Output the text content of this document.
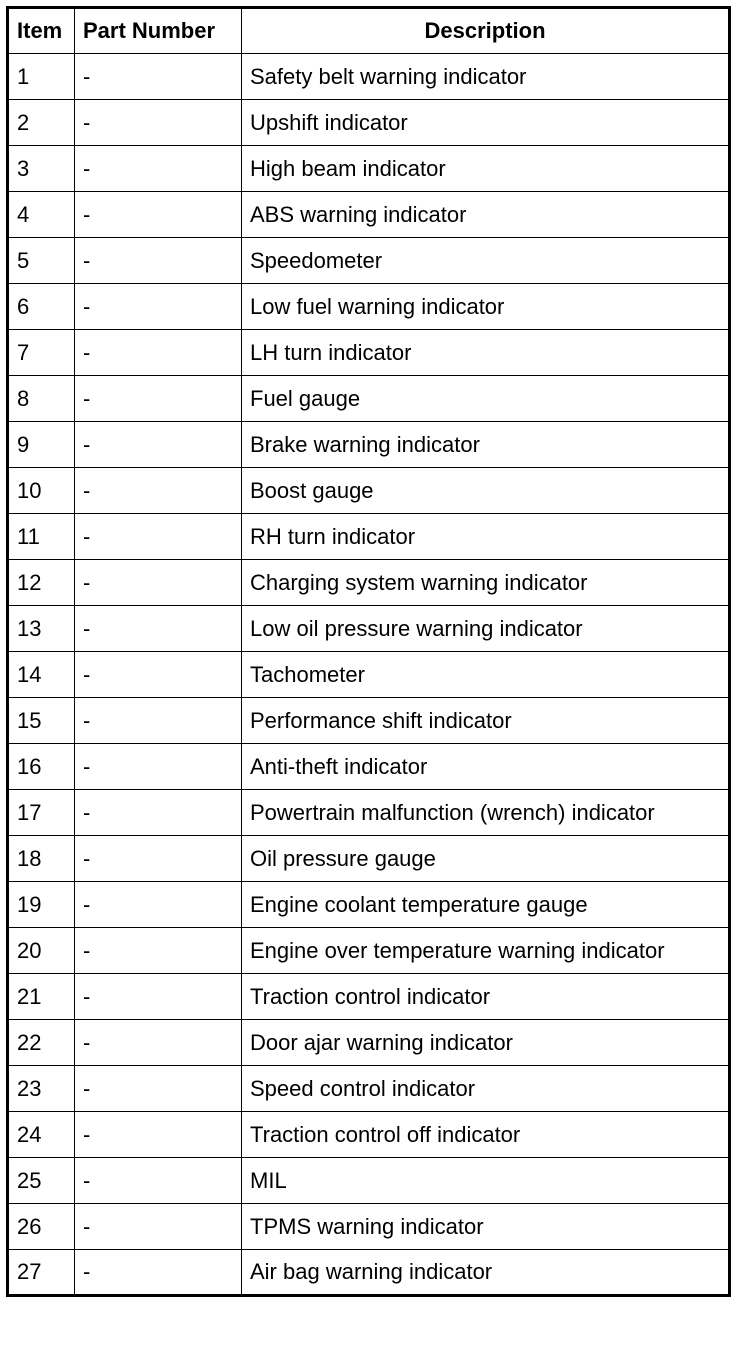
Item	Part Number	Description
1	-	Safety belt warning indicator
2	-	Upshift indicator
3	-	High beam indicator
4	-	ABS warning indicator
5	-	Speedometer
6	-	Low fuel warning indicator
7	-	LH turn indicator
8	-	Fuel gauge
9	-	Brake warning indicator
10	-	Boost gauge
11	-	RH turn indicator
12	-	Charging system warning indicator
13	-	Low oil pressure warning indicator
14	-	Tachometer
15	-	Performance shift indicator
16	-	Anti-theft indicator
17	-	Powertrain malfunction (wrench) indicator
18	-	Oil pressure gauge
19	-	Engine coolant temperature gauge
20	-	Engine over temperature warning indicator
21	-	Traction control indicator
22	-	Door ajar warning indicator
23	-	Speed control indicator
24	-	Traction control off indicator
25	-	MIL
26	-	TPMS warning indicator
27	-	Air bag warning indicator
